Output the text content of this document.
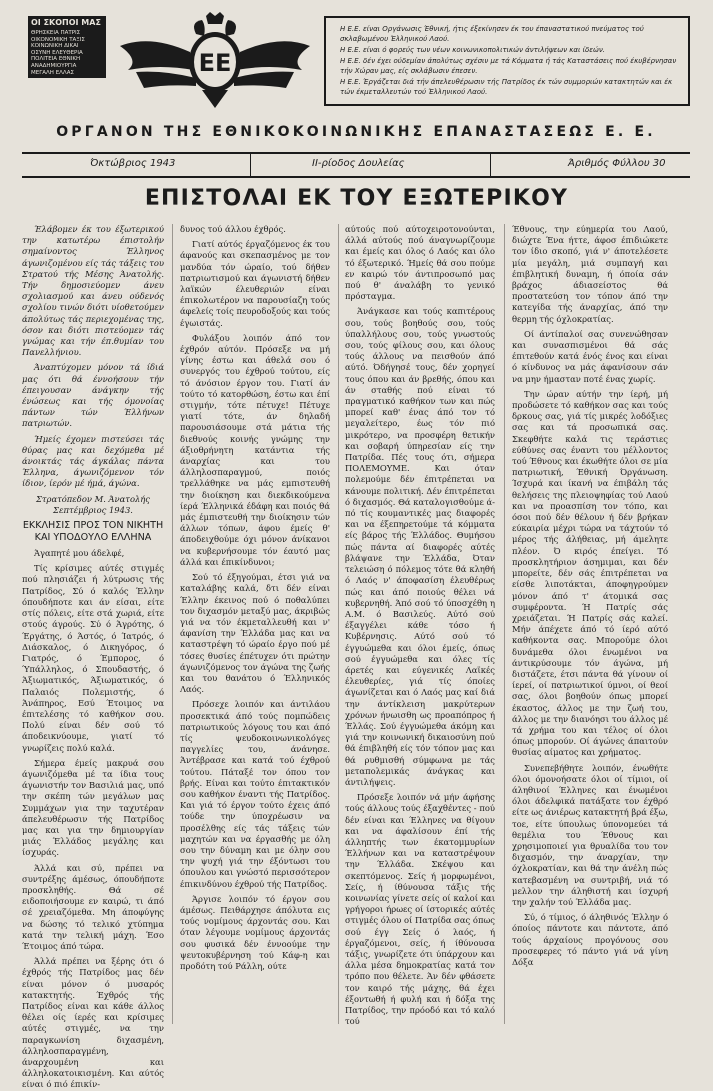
ΟΙ ΣΚΟΠΟΙ ΜΑΣ
ΘΡΗΣΚΕΙΑ ΠΑΤΡΙΣ
ΟΙΚΟΝΟΜΙΚΗ ΤΑΞΙΣ
ΚΟΙΝΩΝΙΚΗ ΔΙΚΑΙ
ΟΣΥΝΗ ΕΛΕΥΘΕΡΙΑ
ΠΟΛΙΤΕΙΑ ΕΘΝΙΚΗ
ΑΝΑΔΗΜΙΟΥΡΓΙΑ
ΜΕΓΑΛΗ ΕΛΛΑΣ	ΕΕ

Η Ε.Ε. είναι Οργάνωσις Έθνική, ήτις έξεκίνησεν έκ του έπαναστατικού πνεύματος τού σκλαβωμένου Έλληνικού Λαού.

Η Ε.Ε. είναι ό φορεύς των νέων κοινωνικοπολιτικών άντιλήψεων και ίδεών.

Η Ε.Ε. δέν έχει ούδεμίαν άπολύτως σχέσιν με τά Κόμματα ή τάς Καταστάσεις πού έκυβέρνησαν τήν Χώραν μας, είς σκλάβωσιν έπεσεν.

Η Ε.Ε. Έργάζεται διά τήν άπελευθέρωσιν τής Πατρίδος έκ τών συμμοριών κατακτητών και έκ τών έκμεταλλευτών τού Έλληνικού Λαού.

ΟΡΓΑΝΟΝ ΤΗΣ ΕΘΝΙΚΟΚΟΙΝΩΝΙΚΗΣ ΕΠΑΝΑΣΤΑΣΕΩΣ Ε. Ε.
Όκτώβριος 1943	ΙΙ-ρίοδος Δουλείας	Άριθμός Φύλλου 30
ΕΠΙΣΤΟΛΑΙ ΕΚ ΤΟΥ ΕΞΩΤΕΡΙΚΟΥ

Έλάβομεν έκ του έξωτερικού την κατωτέρω έπιστολήν σημαίνοντος Έλληνος άγωνιζομένου είς τάς τάξεις του Στρατού τής Μέσης Άνατολής. Τήν δημοσιεύομεν άνευ σχολιασμού και άνευ ούδενός σχολίου τινών διότι υίοθετούμεν άπολύτως τάς περιεχομένας της, όσον και διότι πιστεύομεν τάς γνώμας και τήν έπ.θυμίαν του Πανελλήνιου.

Άναπτύχομεν μόνον τά ίδιά μας ότι θά έννοήσουν τήν έπειγουσαν άνάγκην τής ένώσεως και τής όμονοίας πάντων τών Έλλήνων πατριωτών.

Ήμείς έχομεν πιστεύσει τάς θύρας μας και δεχόμεθα μέ άνοικτάς τάς άγκάλας πάντα Έλληνα, άγωνιζόμενον τόν ίδιον, ίερόν μέ ήμά, άγώνα.

Στρατόπεδον Μ. Άνατολής Σεπτέμβριος 1943.

ΕΚΚΛΗΣΙΣ ΠΡΟΣ ΤΟΝ ΝΙΚΗΤΗ ΚΑΙ ΥΠΟΔΟΥΛΟ ΕΛΛΗΝΑ

Άγαπητέ μου άδελφέ,

Τίς κρίσιμες αύτές στιγμές πού πλησιάζει ή λύτρωσις τής Πατρίδος, Σύ ό καλός Έλλην όπουδήποτε και άν είσαι, είτε στίς πόλεις, είτε στά χωριά, είτε στούς άγρούς. Σύ ό Άγρότης, ό Έργάτης, ό Άστός, ό Ίατρός, ό Διάσκαλος, ό Δικηγόρος, ό Γιατρός, ό Έμπορος, ό Ύπάλληλος, ό Σπουδαστής, ό Άξιωματικός, Άξιωματικός, ό Παλαιός Πολεμιστής, ό Άνάπηρος, Εσύ Έτοιμος να έπιτελέσης τό καθήκον σου. Πολύ είναι δέν σού τό άποδεικνύουμε, γιατί τό γνωρίζεις πολύ καλά.

Σήμερα έμείς μακρυά σου άγωνιζόμεθα μέ τα ίδια τους άγωνιστήν τον Βασιλιά μας, υπό την σκέπη τών μεγάλων μας Συμμάχων για την ταχυτέραν άπελευθέρωσιν τής Πατρίδος μας και για την δημιουργίαν μιάς Έλλάδος μεγάλης και ίσχυράς.

Άλλά και σύ, πρέπει να συντρέξης άμέσως, όπουδήποτε προσκληθής. Θά σέ ειδοποιήσουμε εν καιρώ, τι άπό σέ χρειαζόμεθα. Μη άποφύγης να δώσης τό τελικό χτύπημα κατά την τελική μάχη. Έσο Έτοιμος άπό τώρα.

Άλλά πρέπει να ξέρης ότι ό έχθρός τής Πατρίδος μας δέν είναι μόνον ό μυσαρός κατακτητής. Έχθρός τής Πατρίδος είναι και κάθε άλλος θέλει οίς ίερές και κρίσιμες αύτές στιγμές, να την παραγκωνίση διχασμένη, άλληλοσπαραγμένη, άναρχουμένη και άλληλοκατοικισμένη. Και αύτός είναι ό πιό έπικίν-

δυνος τού άλλου έχθρός.

Γιατί αύτός έργαζόμενος έκ του άφανούς και σκεπασμένος με τον μανδύα τόν ώραίο, τού δήθεν πατριωτισμού και άγωνιστή δήθεν λαϊκών έλευθεριών είναι έπικολωτέρον να παρουσίαζη τούς άφελείς τοίς πευροδοξούς και τούς έγωιστάς.

Φυλάξου λοιπόν άπό τον έχθρόν αύτόν. Πρόσεξε να μή γίνης έστω και άθελά σου ό συνεργός του έχθρού τούτου, είς τό άνόσιον έργον του. Γιατί άν τούτο τό κατορθώση, έστω και έπί στιγμήν, τότε πέτυχε! Πέτυχε γιατί τότε, άν δηλαδή παρουσιάσουμε στά μάτια τής διεθνούς κοινής γνώμης την άξιοθρήνητη κατάντια τής άναρχίας και του άλληλοσπαραγμού, ποιός τρελλάθηκε να μάς εμπιστευθή την διοίκηση και διεκδικούμενα ίερά Έλληνικά έδάφη και ποιός θά μάς έμπιστευθή την διοίκησιν τών άλλων τόπων, άφου έμείς θ' άποδειχθούμε όχι μόνον άνίκανοι να κυβερνήσουμε τόν έαυτό μας άλλά και έπικίνδυνοι;

Σού τό έξηγούμαι, έτσι γιά να καταλάβης καλά, δτι δέν είναι Έλλην έκεινος πού ό ποθαλύπει τον διχασμόν μεταξύ μας, άκριβώς γιά να τόν έκμεταλλευθή και ν' άφανίση την Έλλάδα μας και να καταστρέψη τό ώραίο έργο πού μέ τόσες θυσίες έπέτυχεν ότι πρώτην άγωνιζόμενος τον άγώνα της ζωής και του θανάτου ό Έλληνικός Λαός.

Πρόσεχε λοιπόν και άντιλάου προσεκτικά άπό τούς πομπώδεις πατριωτικούς λόγους του και άπό τίς ψευδοκοινωνικολόγες παγγελίες του, άνάνησε. Άντέβρασε και κατά τού έχθρού τούτου. Πάταξέ τον όπου τον βρής. Είναι και τούτο έπιτακτικόν σου καθήκον έναντι τής Πατρίδος. Και γιά τό έργον τούτο έχεις άπό τούδε την ύποχρέωσιν να προσέλθης είς τάς τάξεις τών μαχητών και να έργασθής με όλη σου την δύναμη και με όλην σου την ψυχή γιά την έξόντωσι του όπουλου και γνώστό περισσότερον έπικινδύνου έχθρού τής Πατρίδος.

Άργισε λοιπόν τό έργον σου άμέσως. Πειθάρχησε άπόλυτα εις τούς νομίμους άρχοντάς σου. Και όταν λέγουμε νομίμους άρχοντάς σου φυσικά δέν έννοούμε την ψευτοκυβέρνηση τού Κάφ-η και προδότη τού Ράλλη, ούτε

αύτούς πού αύτοχειροτονούνται, άλλά αύτούς πού άναγνωρίζουμε και έμείς και όλος ό Λαός και όλο τό έξωτερικό. Ήμείς θά σου πούμε εν καιρώ τόν άντιπροσωπό μας πού θ' άναλάβη το γενικό πρόσταγμα.

Άνάγκασε και τούς καπιτέρους σου, τούς βοηθούς σου, τούς ύπαλλήλους σου, τούς γνωστούς σου, τούς φίλους σου, και όλους τούς άλλους να πεισθούν άπό αύτό. Όδήγησέ τους, δέν χορηγεί τους όπου και άν βρεθής, όπου και άν σταθής πού είναι τό πραγματικό καθήκον των και πώς μπορεί καθ' ένας άπό τον τό μεγαλείτερο, έως τόν πιό μικρότερο, να προσφέρη θετικήν και σοβαρή ύπηρεσίαν είς την Πατρίδα. Πές τους ότι, σήμερα ΠΟΛΕΜΟΥΜΕ. Και όταν πολεμούμε δέν έπιτρέπεται να κάνουμε πολιτική. Δέν έπιτρέπεται ό διχασμός. Θά καταλογισθούμε ά- πό τίς κουμαντικές μας διαφορές και να έξεπηρετούμε τά κόμματα είς βάρος τής Έλλάδος. Θυμήσου πώς πάντα αί διαφορές αύτές βλάψανε την Έλλάδα, Όταν τελειώση ό πόλεμος τότε θά κληθή ό Λαός ν' άποφασίση έλευθέρως πώς και άπό ποιούς θέλει νά κυβερνηθή. Άπό σού τό ύποσχέθη η Α.Μ. ό Βασιλεύς. Αύτό σού έξαγγέλει κάθε τόσο ή Κυβέρνησις. Αύτό σού τό έγγυώμεθα και όλοι έμείς, όπως σού έγγυώμεθα και όλες τίς άρετές και εύγενικές Λαϊκές έλευθερίες, γιά τίς όποίες άγωνίζεται και ό Λαός μας καί διά την άντίκλειση μακρύτερων χρόνων ήνωισθη ως προαπόπρος ή Έλλάς. Σού έγγυώμεθα άκόμη και γιά την κοινωνική δικαιοσύνη πού θά έπιβληθή είς τόν τόπον μας και θά ρυθμισθή σύμφωνα με τάς μεταπολεμικάς άνάγκας και άντιλήψεις.

Πρόσεξε λοιπόν νά μήν άφήσης τούς άλλους τούς έξαχθέντες - πού δέν είναι και Έλληνες να θίγουν και να άφαλίσουν έπί τής άλληπτής των έκατομμυρίων Έλλήνων και να καταστρέψουν την Έλλάδα. Σκέψου και σκεπτόμενος. Σείς ή μορφωμένοι, Σείς, ή ίθύνουσα τάξις τής κοινωνίας γίνετε σείς οί καλοί και γρήγοροι ήρωες οί ίστορικές αύτές στιγμές όλου οί Πατρίδα σας όπως σού έγγ Σείς ό λαός, ή έργαζόμενοι, σείς, ή ίθύνουσα τάξις, γνωρίζετε ότι ύπάρχουν και άλλα μέσα δημοκρατίας κατά τον τρόπο που θέλετε. Άν δέν φθάσετε τον καιρό τής μάχης, θά έχει έξοντωθή ή φυλή και ή δόξα της Πατρίδος, την πρόοδό και τό καλό τού

Έθνους, την εύημερία του Λαού, διώχτε Ένα ήττε, άφοσ έπιδιώκετε τον ίδιο σκοπό, γιά ν' άποτελέσετε μία μεγάλη, μιά συμπαγή και έπιβλητική δυναμη, ή όποία σάν βράχος άδιασείστος θά προστατεύση τον τόπον άπό την κατεγίδα τής άναρχίας, άπό την θερμη τής όχλοκρατίας.

Οί άντίπαλοί σας συνενώθησαν και συνασπισμένοι θά σάς έπιτεθούν κατά ένός ένος και είναι ό κίνδυνος να μάς άφανίσουν σάν να μην ήμασταν ποτέ ένας χωρίς.

Την ώραν αύτήν την ίερή, μή προδώσετε τό καθήκον σας και τούς δρκους σας, γιά τίς μικρές λοδόξιες σας και τά προσωπικά σας. Σκεφθήτε καλά τις τεράστιες εύθύνες σας έναντι του μέλλοντος τού Έθνους και έκωθήτε όλοι σε μία πατριωτική, Έθνική Όργάνωση. Ίσχυρά και ίκανή να έπιβάλη τάς θελήσεις της πλειοψηφίας τού Λαού και να προασπίση τον τόπο, και όσοι πού δέν θέλουν ή δέν βρήκαν εύκαιρία μέχρι τώρα να τάχτούν τό μέρος τής άλήθειας, μή άμελητε πλέον. Ό κιρός έπείγει. Τό προσκλητήριον άσημιμαι, και δέν μπορείτε, δέν σάς έπιτρέπεται να είσθε λιποτάκται, άποφηγρούμεν μόνον άπό τ' άτομικά σας συμφέροντα. Ή Πατρίς σάς χρειάζεται. Ή Πατρίς σάς καλεί. Μήν άπέχετε άπό τό ίερό αύτό καθήκοντα σας. Μπορούμε όλοι δυνάμεθα όλοι ένωμένοι να άντικρύσουμε τόν άγώνα, μή διστάζετε, έτσι πάντα θά γίνουν οί ίερεί, οί πατριωτικοί ύμνοι, οί θεοί σας, όλοι βοηθούν όπως μπορεί έκαστος, άλλος με την ζωή του, άλλος με την διανόησι του άλλος μέ τά χρήμα του και τέλος οί όλοι όπως μπορούν. Οί άγώνες άπαιτούν θυσίας αίματος και χρήματος.

Συνεπεβήθητε λοιπόν, ένωθήτε όλοι όμονοήσατε όλοι οί τίμιοι, οί άληθινοί Έλληνες και ένωμένοι όλοι άδελφικά πατάξατε τον έχθρό είτε ως άνιέρως κατακτητή βρά έξω, τοε, είτε ύπουλως ύπονομεύει τά θεμέλια του Έθνους και χρησιμοποιεί για θρυαλίδα του τον διχασμόν, την άναρχίαν, την όχλοκρατίαν, και θά την άνέλη πώς κατεβασμένη να συντριβή, νιά τό μελλον την άληθιστή και ίσχυρή την χαλήν τού Έλλάδα μας.

Σύ, ό τίμιος, ό άληθινός Έλλην ό όποίος πάντοτε και πάντοτε, άπό τούς άρχαίους προγόνους σου προσεφερες τό πάντο γιά νά γίνη Δόξα
